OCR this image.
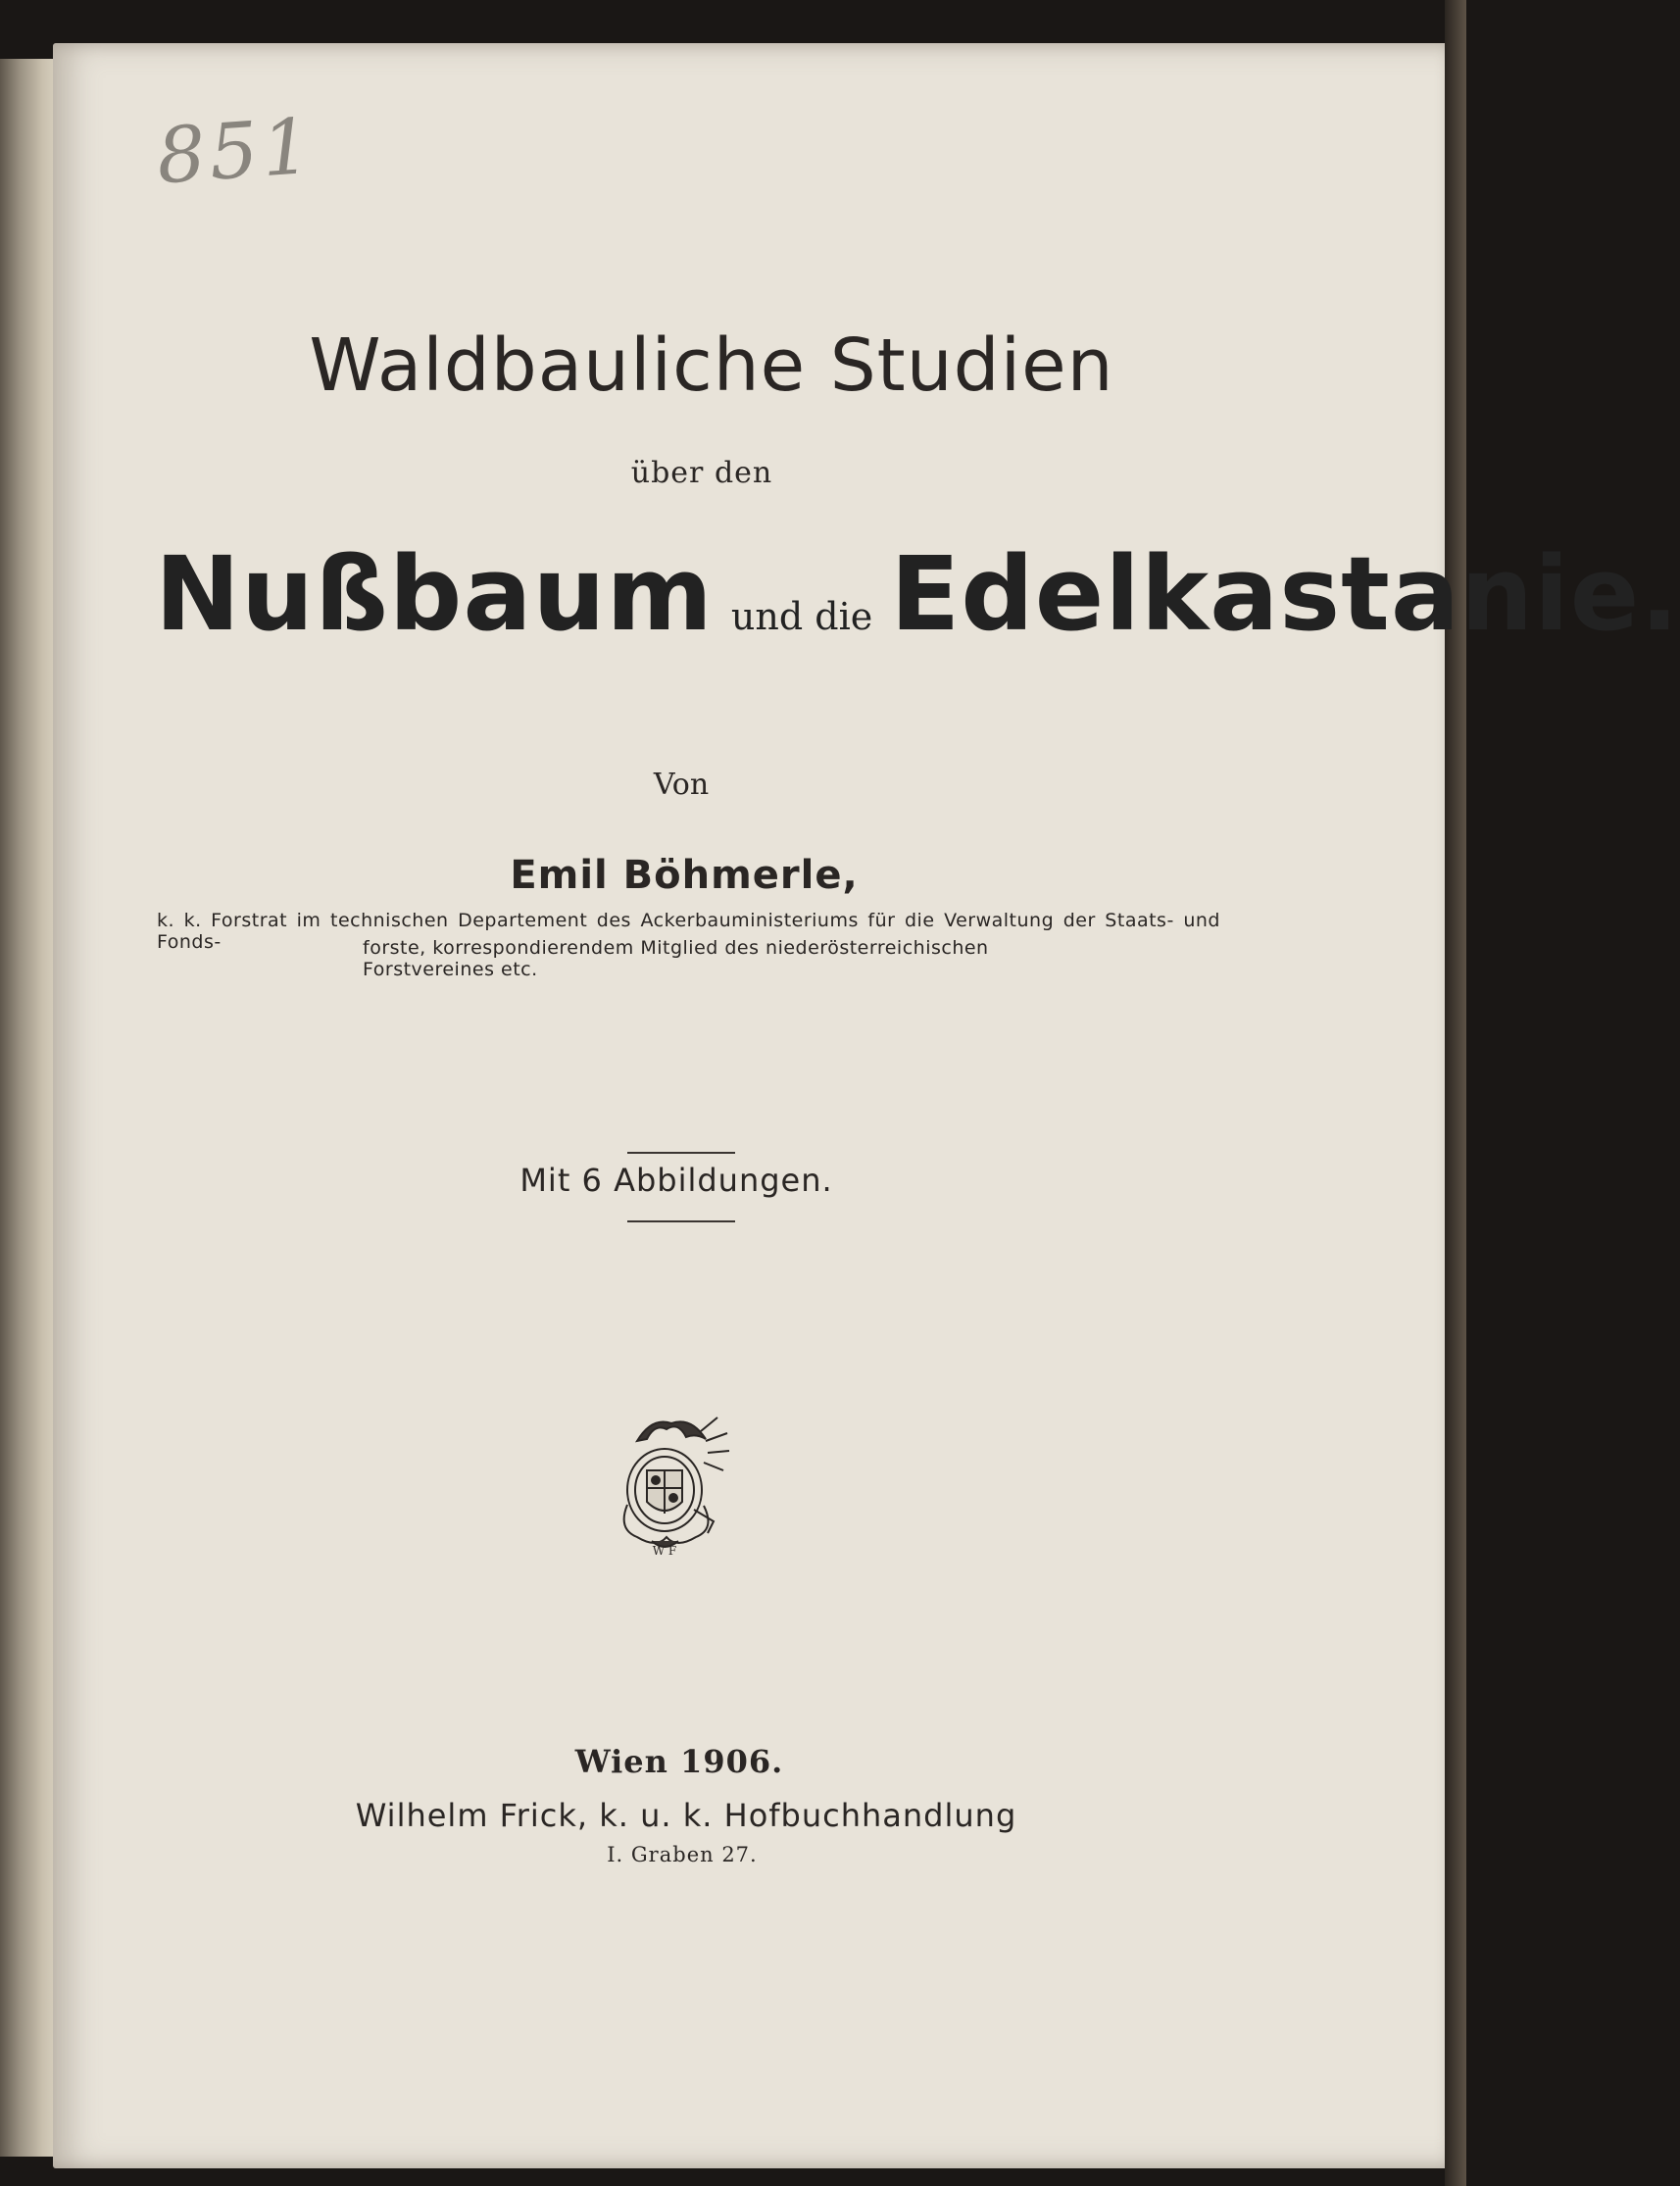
851
Waldbauliche Studien
über den
Nußbaum und die Edelkastanie.
Von
Emil Böhmerle,
k. k. Forstrat im technischen Departement des Ackerbauministeriums für die Verwaltung der Staats- und Fonds-	forste, korrespondierendem Mitglied des niederösterreichischen Forstvereines etc.
Mit 6 Abbildungen.
W F
Wien 1906.
Wilhelm Frick, k. u. k. Hofbuchhandlung
I. Graben 27.
